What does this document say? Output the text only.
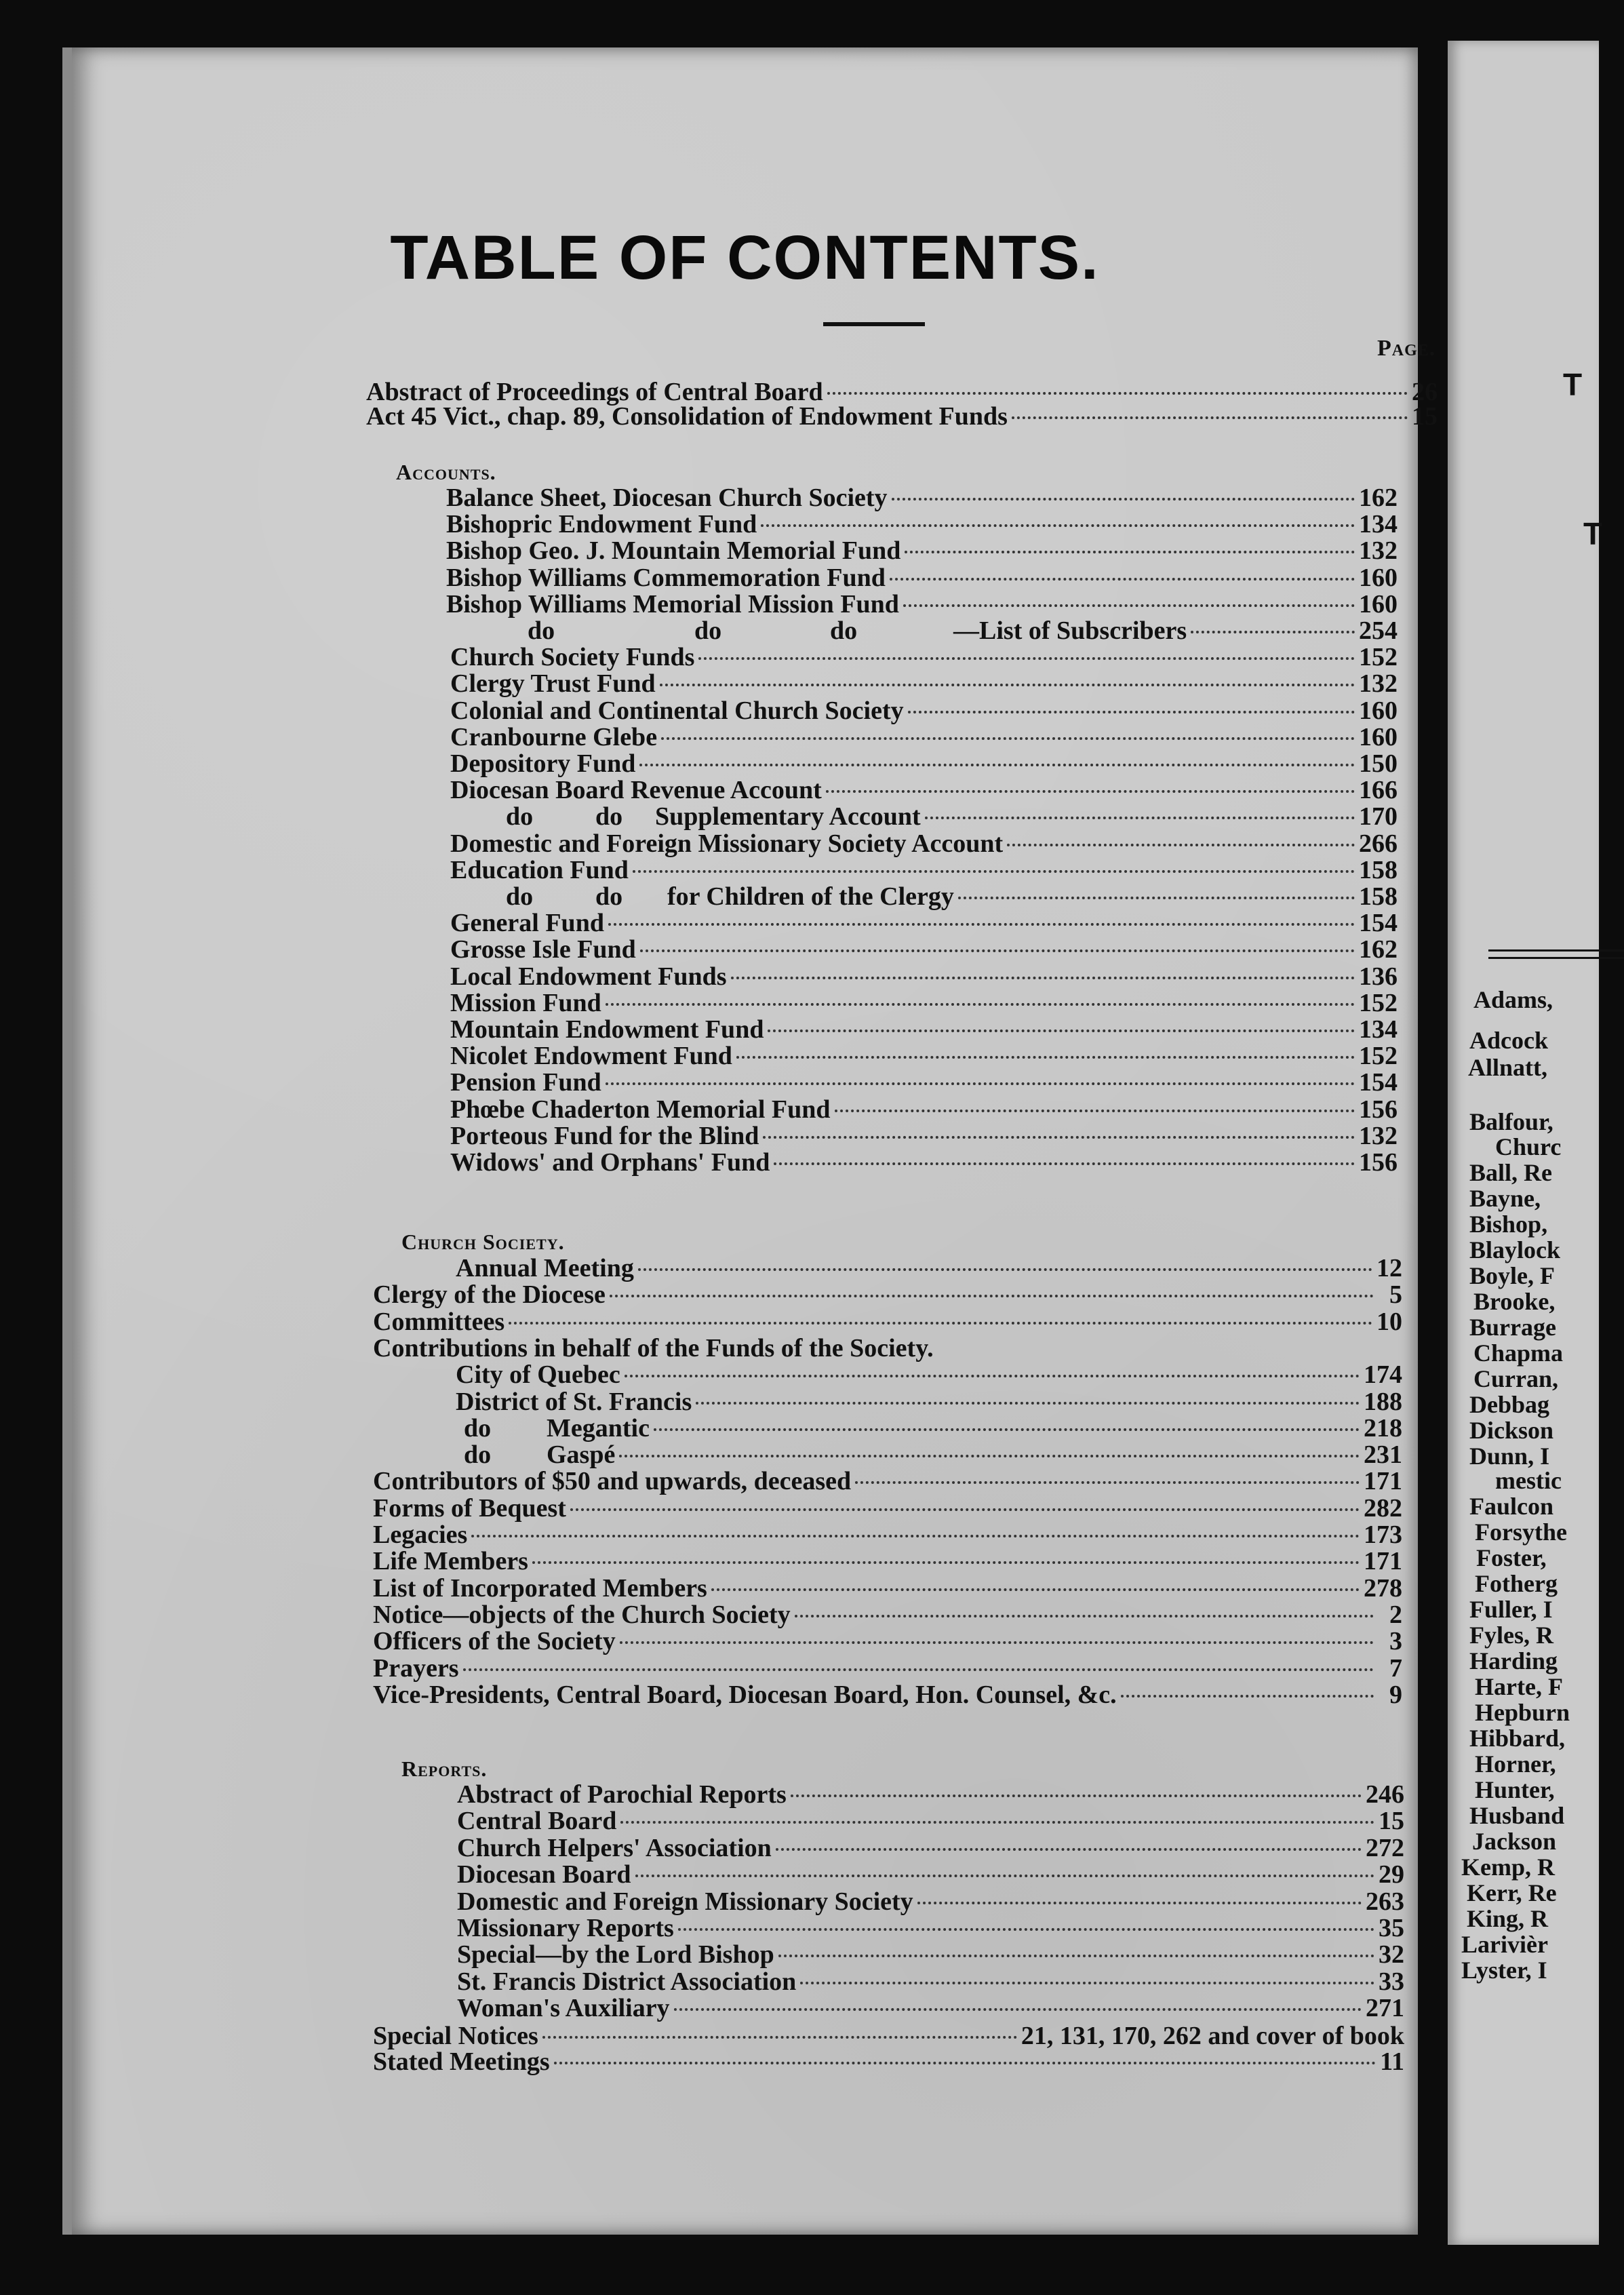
TABLE OF CONTENTS.
Page.
Abstract of Proceedings of Central Board	26
Act 45 Vict., chap. 89, Consolidation of Endowment Funds	15
Accounts.
Balance Sheet, Diocesan Church Society	162
Bishopric Endowment Fund	134
Bishop Geo. J. Mountain Memorial Fund	132
Bishop Williams Commemoration Fund	160
Bishop Williams Memorial Mission Fund	160
do	do	do	—List of Subscribers	254
Church Society Funds	152
Clergy Trust Fund	132
Colonial and Continental Church Society	160
Cranbourne Glebe	160
Depository Fund	150
Diocesan Board Revenue Account	166
do do Supplementary Account	170
Domestic and Foreign Missionary Society Account	266
Education Fund	158
do do for Children of the Clergy	158
General Fund	154
Grosse Isle Fund	162
Local Endowment Funds	136
Mission Fund	152
Mountain Endowment Fund	134
Nicolet Endowment Fund	152
Pension Fund	154
Phœbe Chaderton Memorial Fund	156
Porteous Fund for the Blind	132
Widows' and Orphans' Fund	156
Church Society.
Annual Meeting	12
Clergy of the Diocese	5
Committees	10
Contributions in behalf of the Funds of the Society.
City of Quebec	174
District of St. Francis	188
do Megantic	218
do Gaspé	231
Contributors of $50 and upwards, deceased	171
Forms of Bequest	282
Legacies	173
Life Members	171
List of Incorporated Members	278
Notice—objects of the Church Society	2
Officers of the Society	3
Prayers	7
Vice-Presidents, Central Board, Diocesan Board, Hon. Counsel, &c.	9
Reports.
Abstract of Parochial Reports	246
Central Board	15
Church Helpers' Association	272
Diocesan Board	29
Domestic and Foreign Missionary Society	263
Missionary Reports	35
Special—by the Lord Bishop	32
St. Francis District Association	33
Woman's Auxiliary	271
Special Notices	21, 131, 170, 262 and cover of book
Stated Meetings	11
T
T
Adams,
Adcock
Allnatt,
Balfour,
Churc
Ball, Re
Bayne,
Bishop,
Blaylock
Boyle, F
Brooke,
Burrage
Chapma
Curran,
Debbag
Dickson
Dunn, I
mestic
Faulcon
Forsythe
Foster,
Fotherg
Fuller, I
Fyles, R
Harding
Harte, F
Hepburn
Hibbard,
Horner,
Hunter,
Husband
Jackson
Kemp, R
Kerr, Re
King, R
Larivièr
Lyster, I
